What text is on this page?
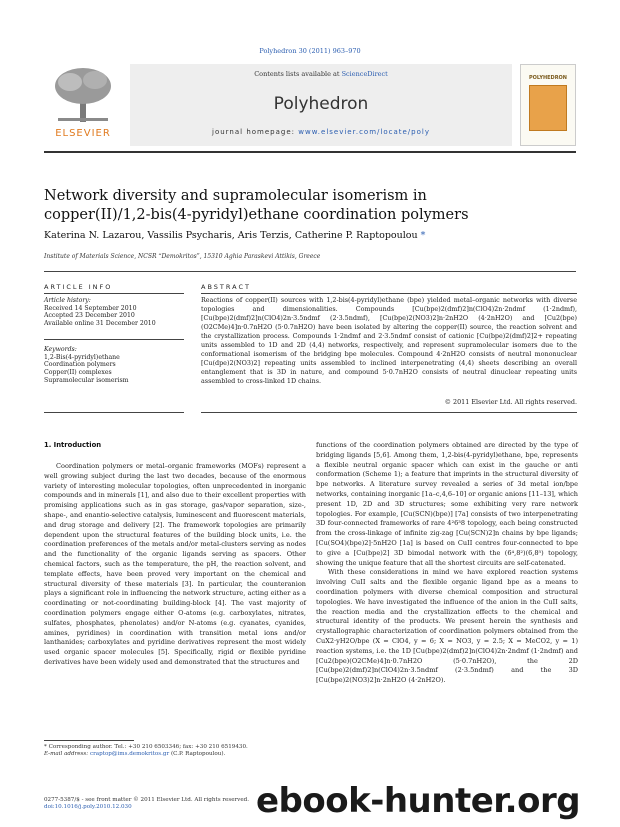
Polyhedron 30 (2011) 963–970
ELSEVIER
Contents lists available at ScienceDirect
Polyhedron
journal homepage: www.elsevier.com/locate/poly
POLYHEDRON
Network diversity and supramolecular isomerism in
copper(II)/1,2-bis(4-pyridyl)ethane coordination polymers
Katerina N. Lazarou, Vassilis Psycharis, Aris Terzis, Catherine P. Raptopoulou *
Institute of Materials Science, NCSR “Demokritos”, 15310 Aghia Paraskevi Attikis, Greece
ARTICLE INFO	ABSTRACT
Article history:
Received 14 September 2010
Accepted 23 December 2010
Available online 31 December 2010
Keywords:
1,2-Bis(4-pyridyl)ethane
Coordination polymers
Copper(II) complexes
Supramolecular isomerism
Reactions of copper(II) sources with 1,2-bis(4-pyridyl)ethane (bpe) yielded metal–organic networks with diverse topologies and dimensionalities. Compounds [Cu(bpe)2(dmf)2]n(ClO4)2n·2ndmf (1·2ndmf), [Cu(bpe)2(dmf)2]n(ClO4)2n·3.5ndmf (2·3.5ndmf), [Cu(bpe)2(NO3)2]n·2nH2O (4·2nH2O) and [Cu2(bpe)(O2CMe)4]n·0.7nH2O (5·0.7nH2O) have been isolated by altering the copper(II) source, the reaction solvent and the crystallization process. Compounds 1·2ndmf and 2·3.5ndmf consist of cationic [Cu(bpe)2(dmf)2]2+ repeating units assembled to 1D and 2D (4,4) networks, respectively, and represent supramolecular isomers due to the conformational isomerism of the bridging bpe molecules. Compound 4·2nH2O consists of neutral mononuclear [Cu(dpe)2(NO3)2] repeating units assembled to inclined interpenetrating (4,4) sheets describing an overall entanglement that is 3D in nature, and compound 5·0.7nH2O consists of neutral dinuclear repeating units assembled to cross-linked 1D chains.
© 2011 Elsevier Ltd. All rights reserved.
1. Introduction

Coordination polymers or metal–organic frameworks (MOFs) represent a well growing subject during the last two decades, because of the enormous variety of interesting molecular topologies, often unprecedented in inorganic compounds and in minerals [1], and also due to their excellent properties with promising applications such as in gas storage, gas/vapor separation, size-, shape-, and enantio-selective catalysis, luminescent and fluorescent materials, and drug storage and delivery [2]. The framework topologies are primarily dependent upon the structural features of the building block units, i.e. the coordination preferences of the metals and/or metal-clusters serving as nodes and the functionality of the organic ligands serving as spacers. Other chemical factors, such as the temperature, the pH, the reaction solvent, and template effects, have been proved very important on the chemical and structural diversity of these materials [3]. In particular, the counteranion plays a significant role in influencing the network structure, acting either as a coordinating or not-coordinating building-block [4]. The vast majority of coordination polymers engage either O-atoms (e.g. carboxylates, nitrates, sulfates, phosphates, phenolates) and/or N-atoms (e.g. cyanates, cyanides, amines, pyridines) in coordination with transition metal ions and/or lanthanides; carboxylates and pyridine derivatives represent the most widely used organic spacer molecules [5]. Specifically, rigid or flexible pyridine derivatives have been widely used and demonstrated that the structures and

functions of the coordination polymers obtained are directed by the type of bridging ligands [5,6]. Among them, 1,2-bis(4-pyridyl)ethane, bpe, represents a flexible neutral organic spacer which can exist in the gauche or anti conformation (Scheme 1); a feature that imprints in the structural diversity of bpe networks. A literature survey revealed a series of 3d metal ion/bpe networks, containing inorganic [1a–c,4,6–10] or organic anions [11–13], which present 1D, 2D and 3D structures; some exhibiting very rare network topologies. For example, [Cu(SCN)(bpe)] [7a] consists of two interpenetrating 3D four-connected frameworks of rare 4²6³8 topology, each being constructed from the cross-linkage of infinite zig-zag [Cu(SCN)2]n chains by bpe ligands; [Cu(SO4)(bpe)2]·5nH2O [1a] is based on CuII centres four-connected to bpe to give a [Cu(bpe)2] 3D bimodal network with the (6⁴,8²)(6,8⁵) topology, showing the unique feature that all the shortest circuits are self-catenated.

With these considerations in mind we have explored reaction systems involving CuII salts and the flexible organic ligand bpe as a means to coordination polymers with diverse chemical composition and structural topologies. We have investigated the influence of the anion in the CuII salts, the reaction media and the crystallization effects to the chemical and structural identity of the products. We present herein the synthesis and crystallographic characterization of coordination polymers obtained from the CuX2·yH2O/bpe (X = ClO4, y = 6; X = NO3, y = 2.5; X = MeCO2, y = 1) reaction systems, i.e. the 1D [Cu(bpe)2(dmf)2]n(ClO4)2n·2ndmf (1·2ndmf) and [Cu2(bpe)(O2CMe)4]n·0.7nH2O (5·0.7nH2O), the 2D [Cu(bpe)2(dmf)2]n(ClO4)2n·3.5ndmf (2·3.5ndmf) and the 3D [Cu(bpe)2(NO3)2]n·2nH2O (4·2nH2O).

* Corresponding author. Tel.: +30 210 6503346; fax: +30 210 6519430.
E-mail address: craptop@ims.demokritos.gr (C.P. Raptopoulou).
0277-5387/$ - see front matter © 2011 Elsevier Ltd. All rights reserved.
doi:10.1016/j.poly.2010.12.030	ebook-hunter.org
